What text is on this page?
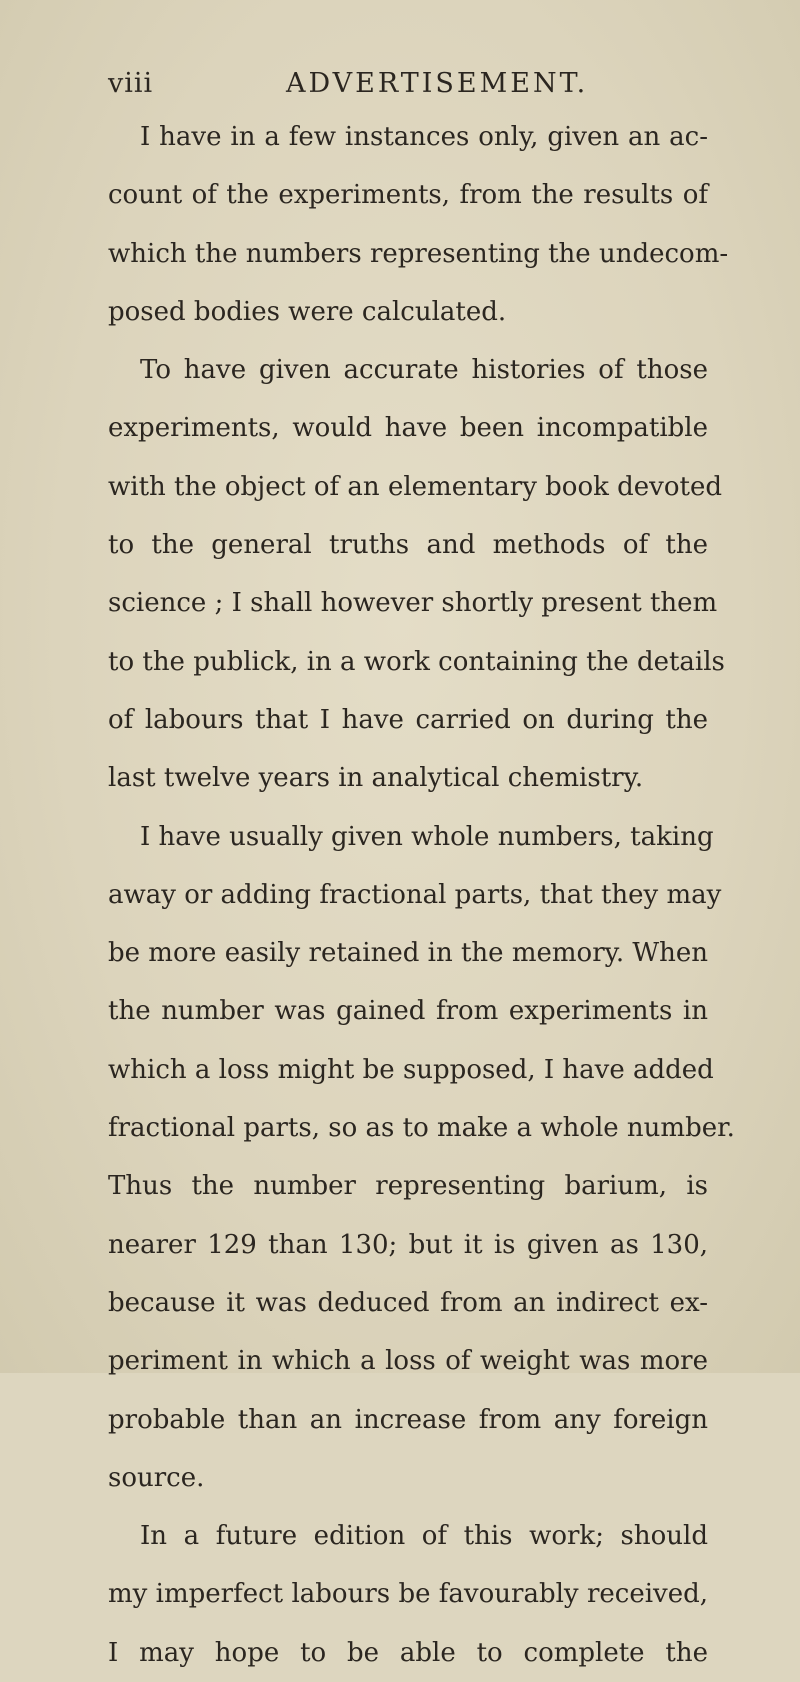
viii	ADVERTISEMENT.
I have in a few instances only, given an ac-
count of the experiments, from the results of
which the numbers representing the undecom-
posed bodies were calculated.
To have given accurate histories of those
experiments, would have been incompatible
with the object of an elementary book devoted
to the general truths and methods of the
science ; I shall however shortly present them
to the publick, in a work containing the details
of labours that I have carried on during the
last twelve years in analytical chemistry.
I have usually given whole numbers, taking
away or adding fractional parts, that they may
be more easily retained in the memory. When
the number was gained from experiments in
which a loss might be supposed, I have added
fractional parts, so as to make a whole number.
Thus the number representing barium, is
nearer 129 than 130; but it is given as 130,
because it was deduced from an indirect ex-
periment in which a loss of weight was more
probable than an increase from any foreign
source.
In a future edition of this work; should
my imperfect labours be favourably received,
I may hope to be able to complete the
